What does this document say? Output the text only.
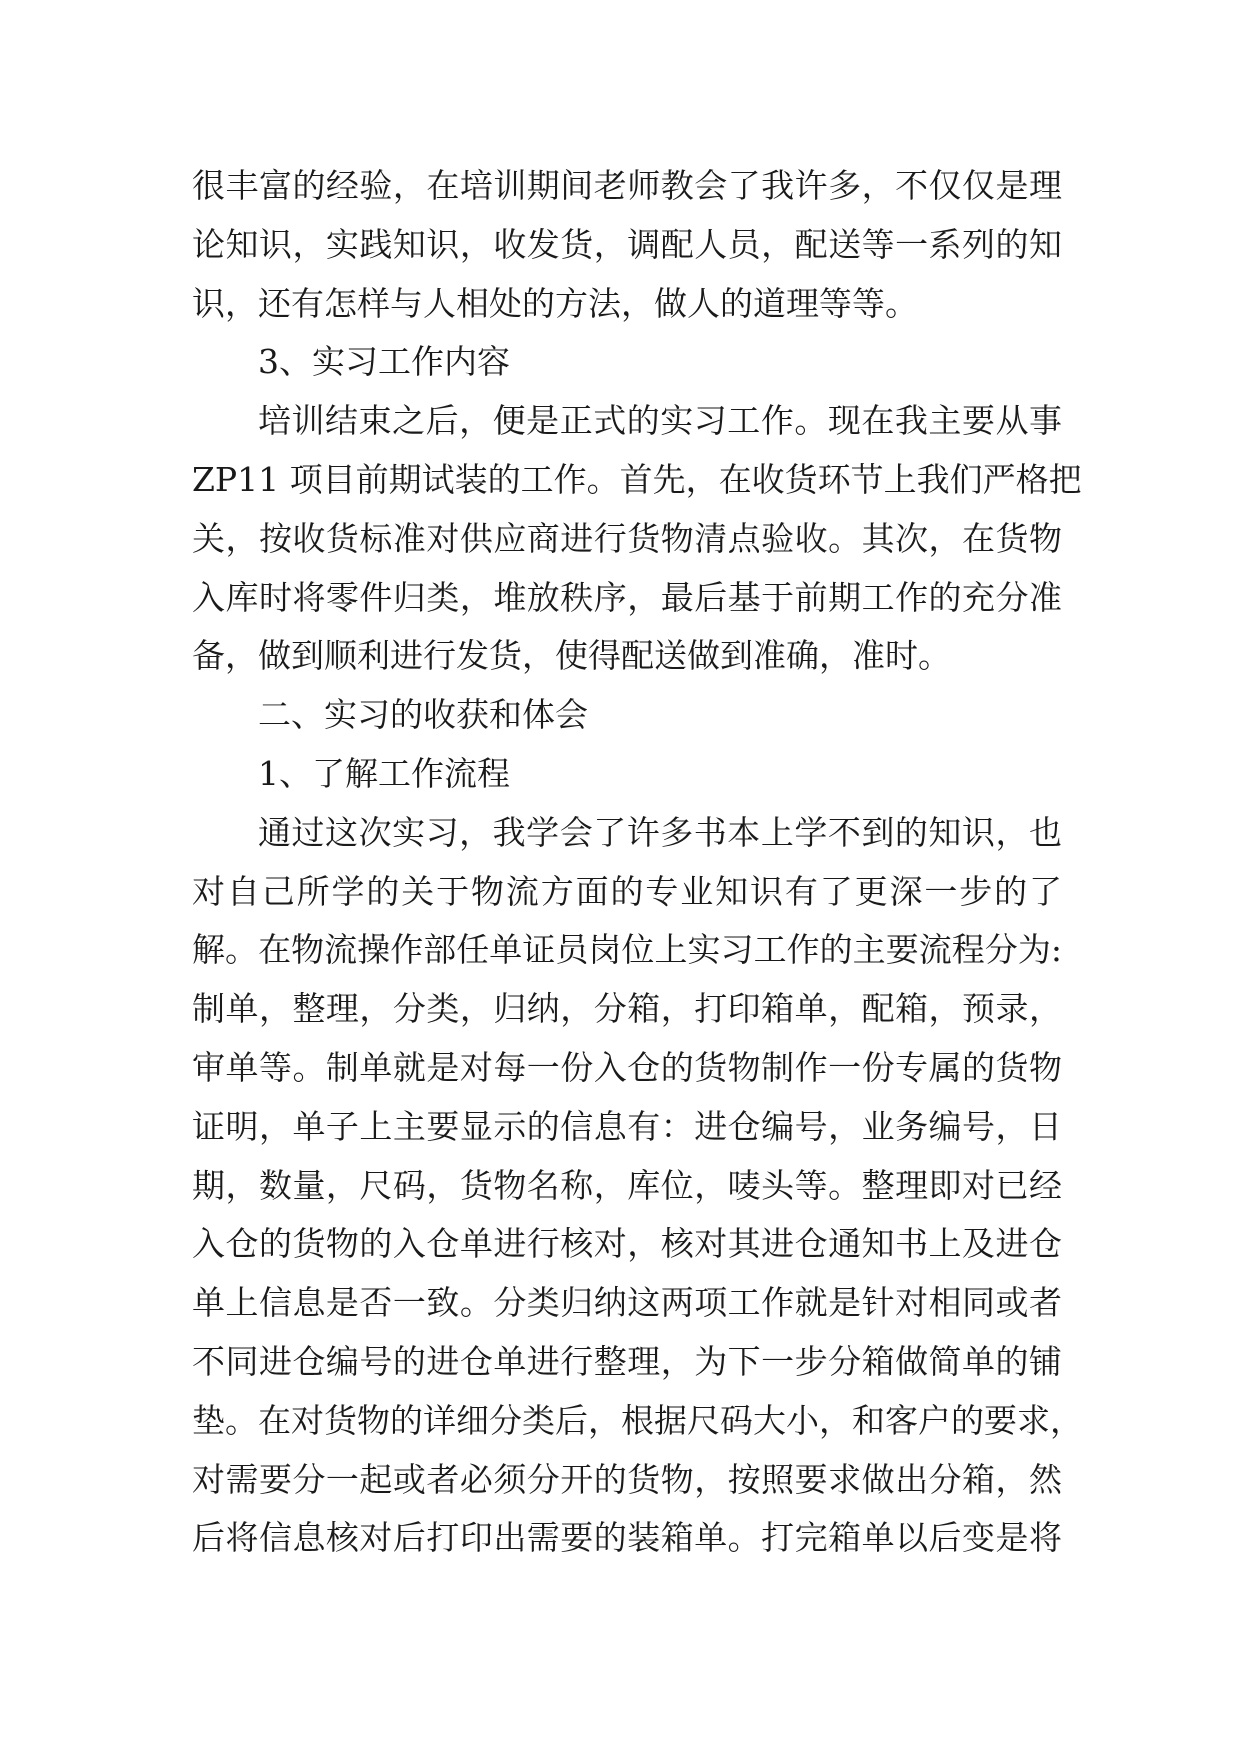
很丰富的经验，在培训期间老师教会了我许多，不仅仅是理
论知识，实践知识，收发货，调配人员，配送等一系列的知
识，还有怎样与人相处的方法，做人的道理等等。
3、实习工作内容
培训结束之后，便是正式的实习工作。现在我主要从事
ZP11 项目前期试装的工作。首先，在收货环节上我们严格把
关，按收货标准对供应商进行货物清点验收。其次，在货物
入库时将零件归类，堆放秩序，最后基于前期工作的充分准
备，做到顺利进行发货，使得配送做到准确，准时。
二、实习的收获和体会
1、了解工作流程
通过这次实习，我学会了许多书本上学不到的知识，也
对自己所学的关于物流方面的专业知识有了更深一步的了
解。在物流操作部任单证员岗位上实习工作的主要流程分为:
制单，整理，分类，归纳，分箱，打印箱单，配箱，预录，
审单等。制单就是对每一份入仓的货物制作一份专属的货物
证明，单子上主要显示的信息有：进仓编号，业务编号，日
期，数量，尺码，货物名称，库位，唛头等。整理即对已经
入仓的货物的入仓单进行核对，核对其进仓通知书上及进仓
单上信息是否一致。分类归纳这两项工作就是针对相同或者
不同进仓编号的进仓单进行整理，为下一步分箱做简单的铺
垫。在对货物的详细分类后，根据尺码大小，和客户的要求，
对需要分一起或者必须分开的货物，按照要求做出分箱，然
后将信息核对后打印出需要的装箱单。打完箱单以后变是将
